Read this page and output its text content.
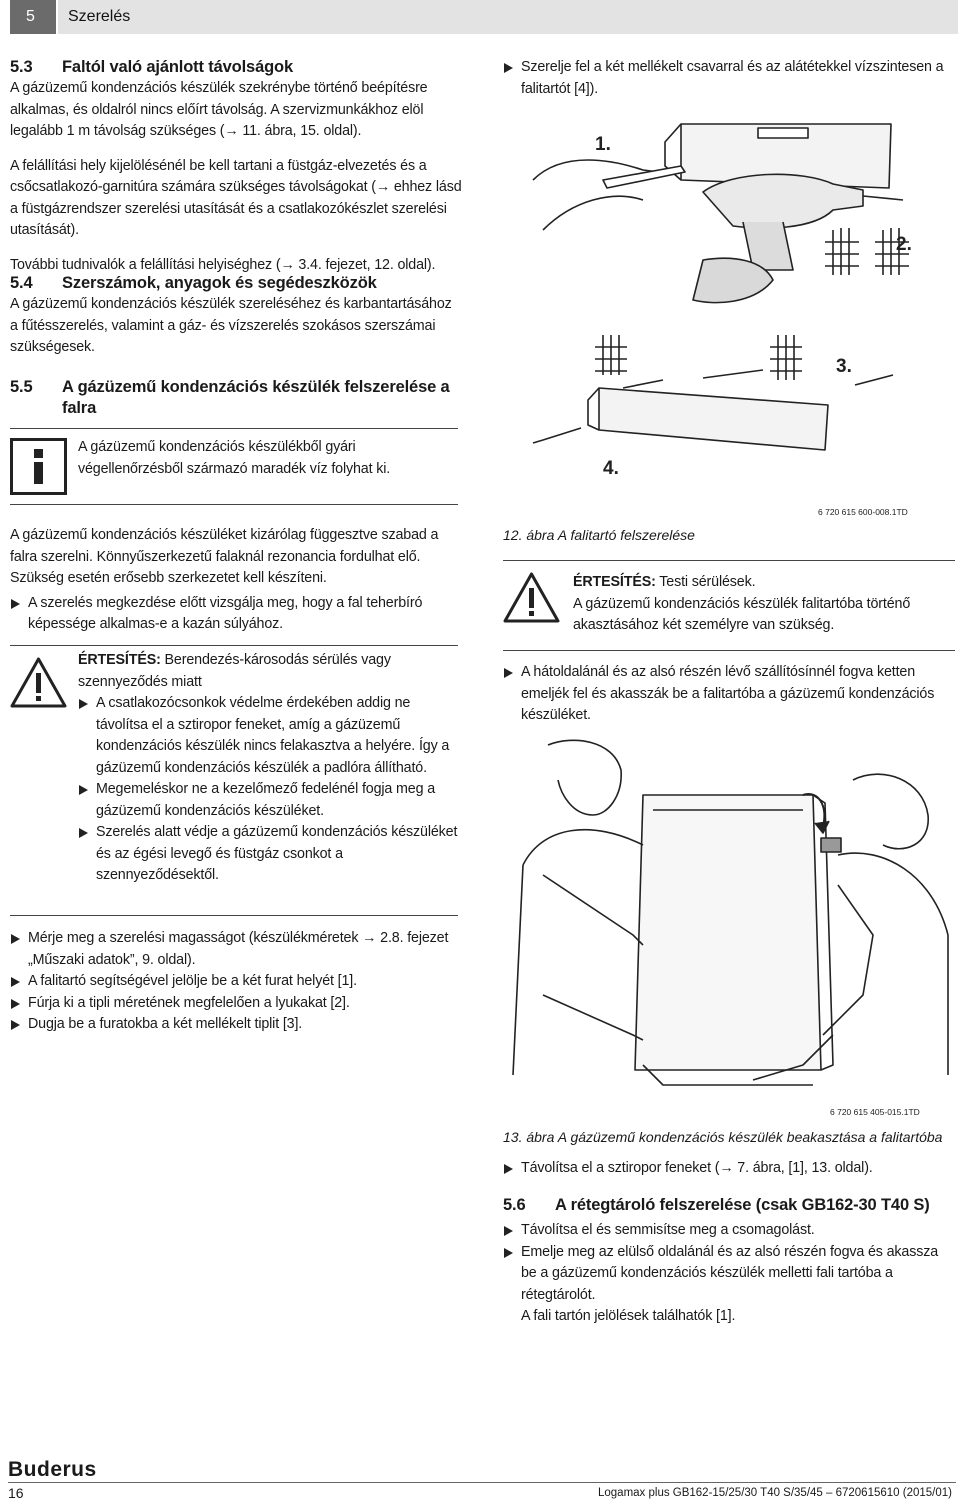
5	Szerelés
5.3 Faltól való ajánlott távolságok

A gázüzemű kondenzációs készülék szekrénybe történő beépítésre alkalmas, és oldalról nincs előírt távolság. A szervizmunkákhoz elöl legalább 1 m távolság szükséges (→ 11. ábra, 15. oldal).

A felállítási hely kijelölésénél be kell tartani a füstgáz-elvezetés és a csőcsatlakozó-garnitúra számára szükséges távolságokat (→ ehhez lásd a füstgázrendszer szerelési utasítását és a csatlakozókészlet szerelési utasítását).

További tudnivalók a felállítási helyiséghez (→ 3.4. fejezet, 12. oldal).

5.4 Szerszámok, anyagok és segédeszközök

A gázüzemű kondenzációs készülék szereléséhez és karbantartásához a fűtésszerelés, valamint a gáz- és vízszerelés szokásos szerszámai szükségesek.

5.5 A gázüzemű kondenzációs készülék felszerelése a
falra
A gázüzemű kondenzációs készülékből gyári végellenőrzésből származó maradék víz folyhat ki.

A gázüzemű kondenzációs készüléket kizárólag függesztve szabad a falra szerelni. Könnyűszerkezetű falaknál rezonancia fordulhat elő. Szükség esetén erősebb szerkezetet kell készíteni.

A szerelés megkezdése előtt vizsgálja meg, hogy a fal teherbíró képessége alkalmas-e a kazán súlyához.

ÉRTESÍTÉS: Berendezés-károsodás sérülés vagy szennyeződés miatt

A csatlakozócsonkok védelme érdekében addig ne távolítsa el a sztiropor feneket, amíg a gázüzemű kondenzációs készülék nincs felakasztva a helyére. Így a gázüzemű kondenzációs készülék a padlóra állítható.
Megemeléskor ne a kezelőmező fedelénél fogja meg a gázüzemű kondenzációs készüléket.
Szerelés alatt védje a gázüzemű kondenzációs készüléket és az égési levegő és füstgáz csonkot a szennyeződésektől.
Mérje meg a szerelési magasságot (készülékméretek → 2.8. fejezet „Műszaki adatok”, 9. oldal).
A falitartó segítségével jelölje be a két furat helyét [1].
Fúrja ki a tipli méretének megfelelően a lyukakat [2].
Dugja be a furatokba a két mellékelt tiplit [3].
Szerelje fel a két mellékelt csavarral és az alátétekkel vízszintesen a falitartót [4]).
1.
2.
3.
4.
6 720 615 600-008.1TD
12. ábra A falitartó felszerelése

ÉRTESÍTÉS: Testi sérülések.

A gázüzemű kondenzációs készülék falitartóba történő akasztásához két személyre van szükség.

A hátoldalánál és az alsó részén lévő szállítósínnél fogva ketten emeljék fel és akasszák be a falitartóba a gázüzemű kondenzációs készüléket.
6 720 615 405-015.1TD
13. ábra A gázüzemű kondenzációs készülék beakasztása a falitartóba
Távolítsa el a sztiropor feneket (→ 7. ábra, [1], 13. oldal).
5.6 A rétegtároló felszerelése (csak GB162-30 T40 S)
Távolítsa el és semmisítse meg a csomagolást.
Emelje meg az elülső oldalánál és az alsó részén fogva és akassza be a gázüzemű kondenzációs készülék melletti fali tartóba a rétegtárolót.
A fali tartón jelölések találhatók [1].
Buderus
16	Logamax plus GB162-15/25/30 T40 S/35/45 – 6720615610 (2015/01)
